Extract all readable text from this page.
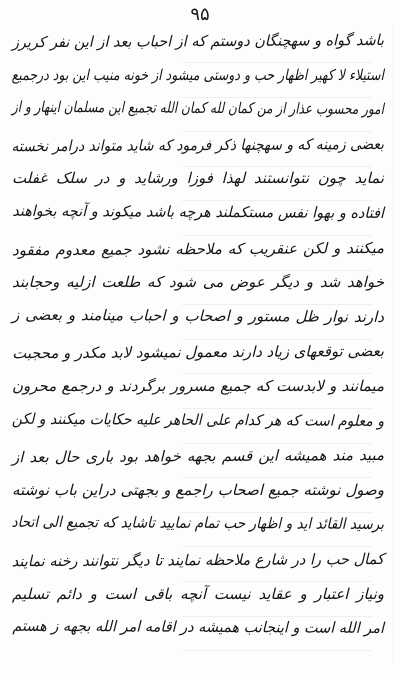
۹۵
باشد گواه و سهچنگان دوستم که از احباب بعد از این نفر کریرز
استیلاء لا کهیر اظهار حب و دوستی میشود از خونه منیب این بود درجمیع
امور محسوب عذار از من کمان لله کمان الله تجمیع این مسلمان اینهار و از
بعضی زمینه که و سهچنها ذکر فرمود که شاید متواند درامر نخسته
نماید چون نتوانستند لهذا فوزا ورشاید و در سلک غفلت
افتاده و بهوا نفس مستکملند هرچه باشد میکوند و آنچه بخواهند
میکنند و لکن عنقریب که ملاحظه نشود جمیع معدوم مفقود
خواهد شد و دیگر عوض می شود که طلعت ازلیه وحجابند
دارند نوار ظل مستور و اصحاب و احباب مینامند و بعضی ز
بعضی توقعهای زیاد دارند معمول نمیشود لابد مکدر و محجبت
میمانند و لابدست که جمیع مسرور برگردند و درجمع محرون
و معلوم است که هر کدام علی الحاهر علیه حکایات میکنند و لکن
مبید مند همیشه این قسم بجهه خواهد بود باری حال بعد از
وصول نوشته جمیع اصحاب راجمع و بجهتی دراین باب نوشته
برسید القائد اید و اظهار حب تمام نمایید تاشاید که تجمیع الی اتحاد
کمال حب را در شارع ملاحظه نمایند تا دیگر نتوانند رخنه نمایند
ونیاز اعتبار و عقاید نیست آنچه باقی است و دائم تسلیم
امر الله است و اینجانب همیشه در اقامه امر الله بجهه ز هستم
